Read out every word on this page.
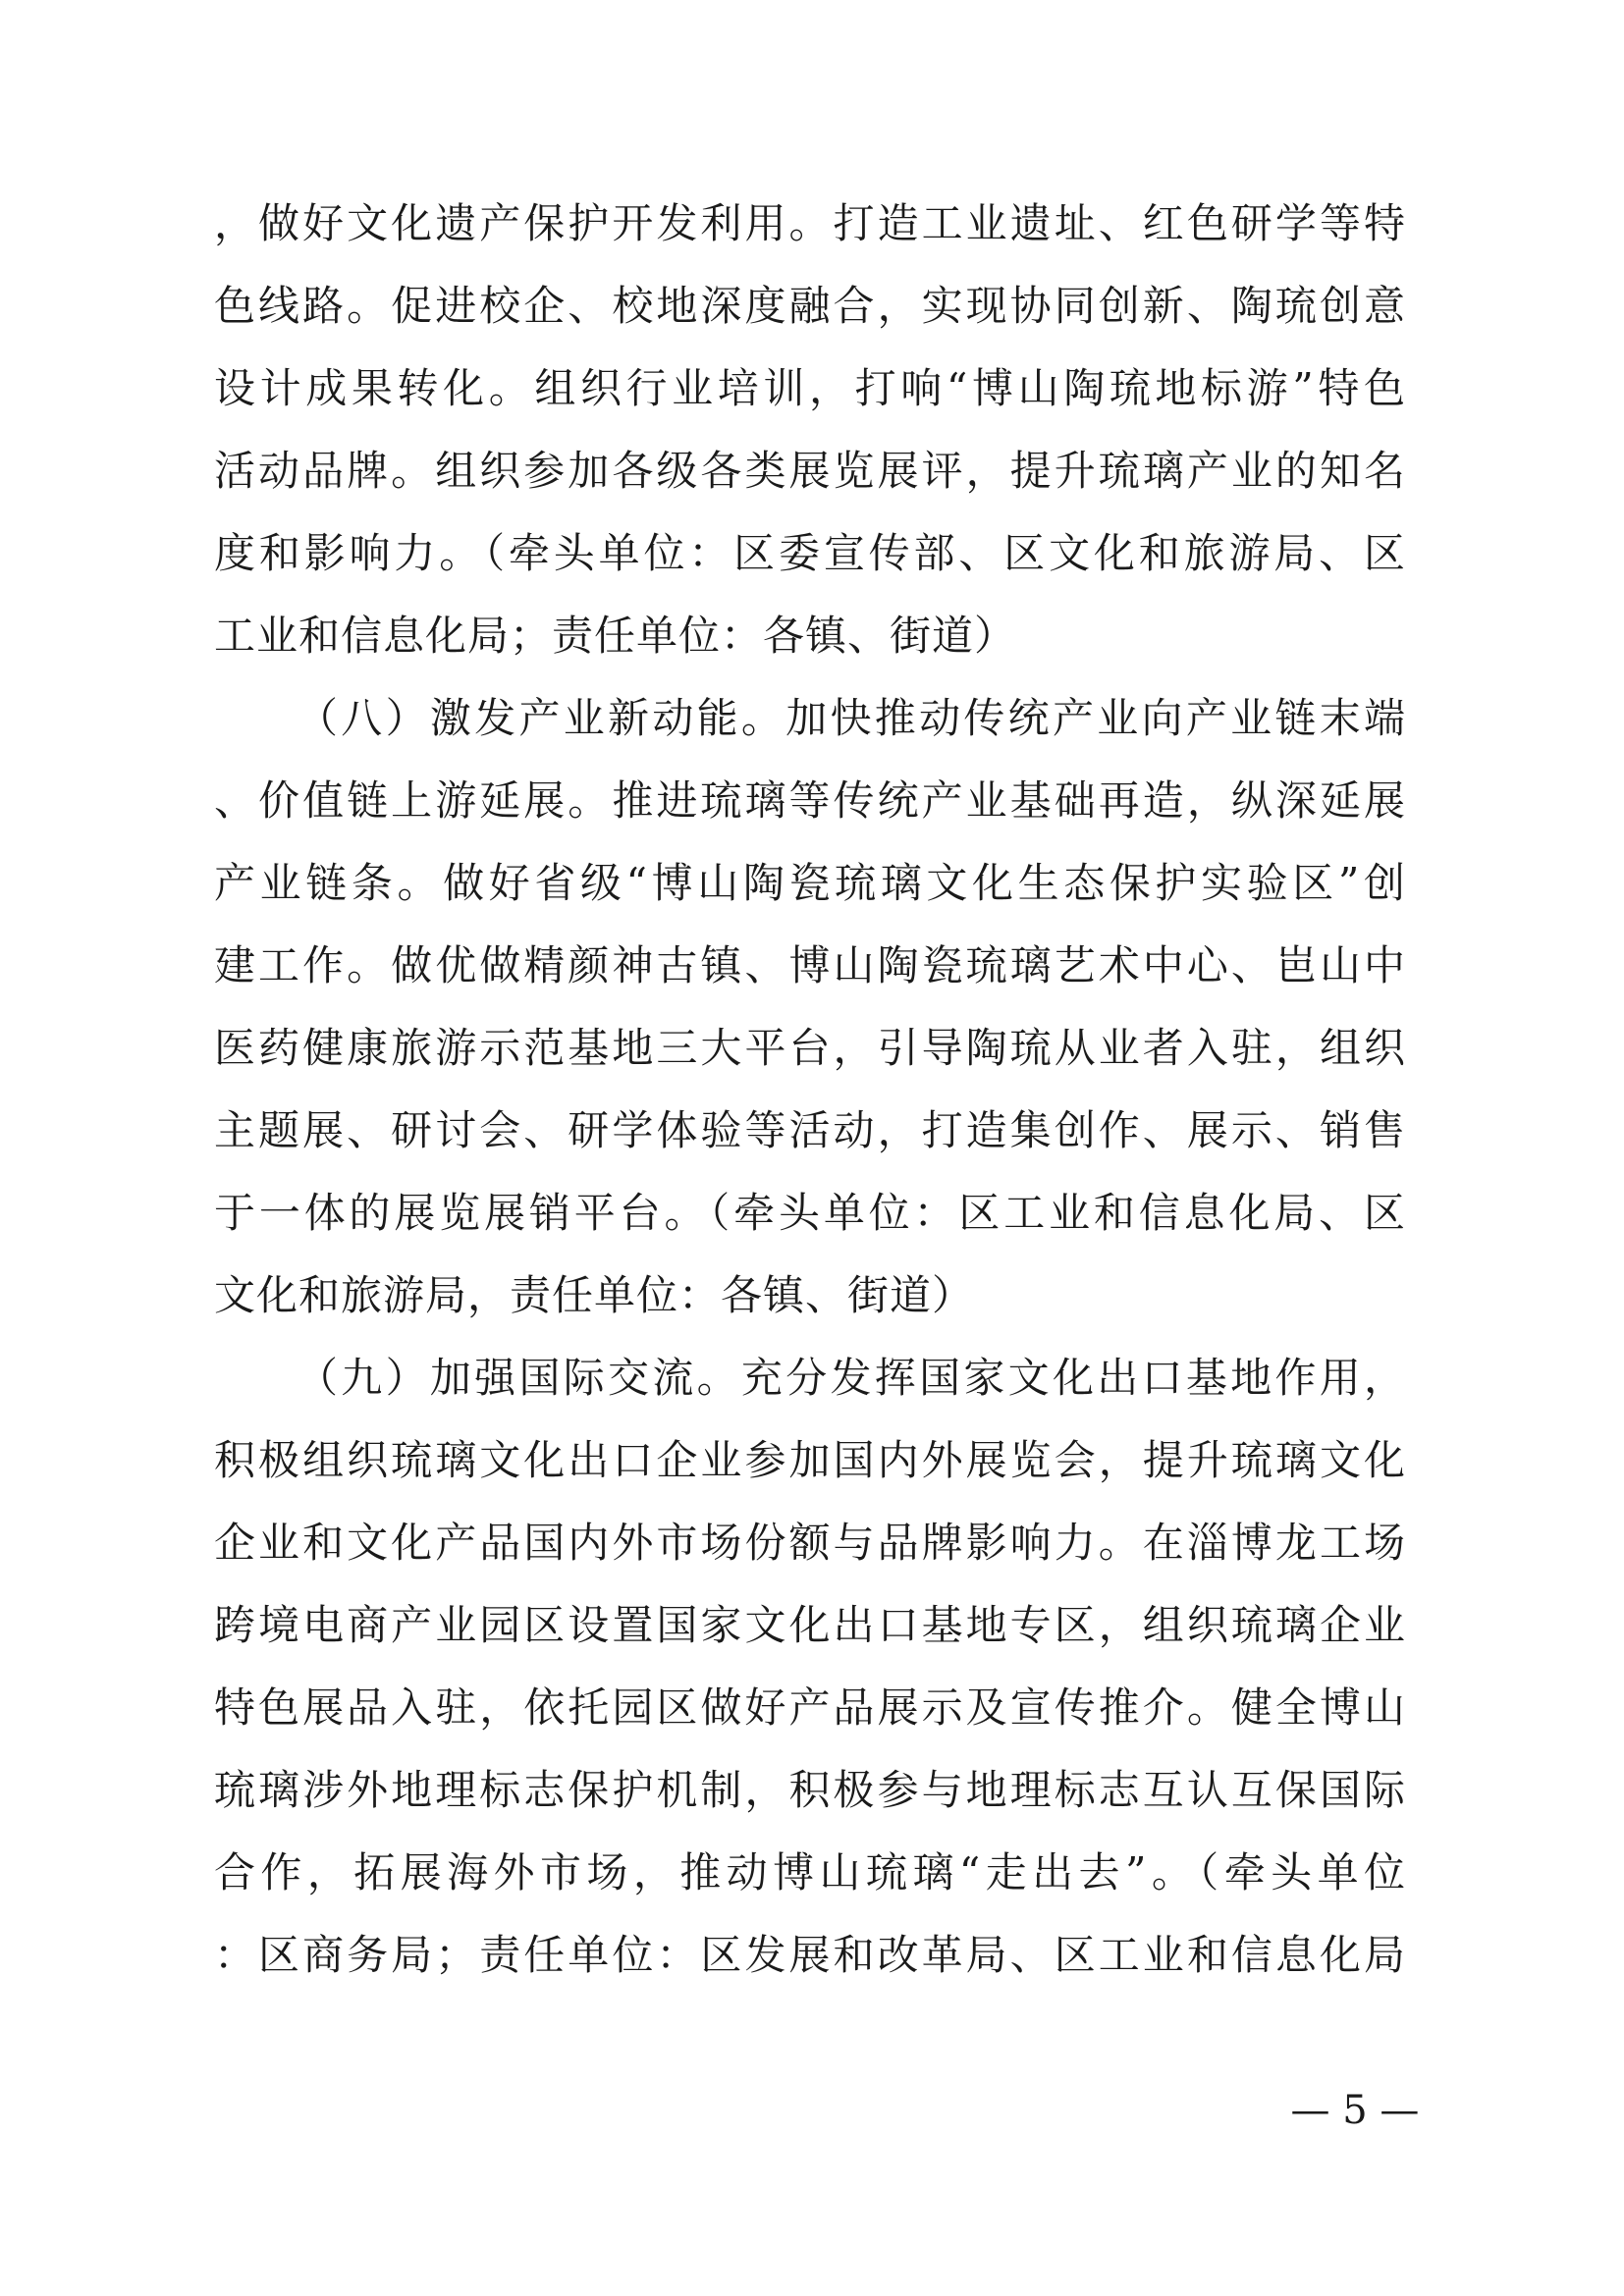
，做好文化遗产保护开发利用。打造工业遗址、红色研学等特
色线路。促进校企、校地深度融合，实现协同创新、陶琉创意
设计成果转化。组织行业培训，打响“博山陶琉地标游”特色
活动品牌。组织参加各级各类展览展评，提升琉璃产业的知名
度和影响力。（牵头单位：区委宣传部、区文化和旅游局、区
工业和信息化局；责任单位：各镇、街道）
（八）激发产业新动能。加快推动传统产业向产业链末端
、价值链上游延展。推进琉璃等传统产业基础再造，纵深延展
产业链条。做好省级“博山陶瓷琉璃文化生态保护实验区”创
建工作。做优做精颜神古镇、博山陶瓷琉璃艺术中心、岜山中
医药健康旅游示范基地三大平台，引导陶琉从业者入驻，组织
主题展、研讨会、研学体验等活动，打造集创作、展示、销售
于一体的展览展销平台。（牵头单位：区工业和信息化局、区
文化和旅游局，责任单位：各镇、街道）
（九）加强国际交流。充分发挥国家文化出口基地作用，
积极组织琉璃文化出口企业参加国内外展览会，提升琉璃文化
企业和文化产品国内外市场份额与品牌影响力。在淄博龙工场
跨境电商产业园区设置国家文化出口基地专区，组织琉璃企业
特色展品入驻，依托园区做好产品展示及宣传推介。健全博山
琉璃涉外地理标志保护机制，积极参与地理标志互认互保国际
合作，拓展海外市场，推动博山琉璃“走出去”。（牵头单位
：区商务局；责任单位：区发展和改革局、区工业和信息化局
— 5 —
